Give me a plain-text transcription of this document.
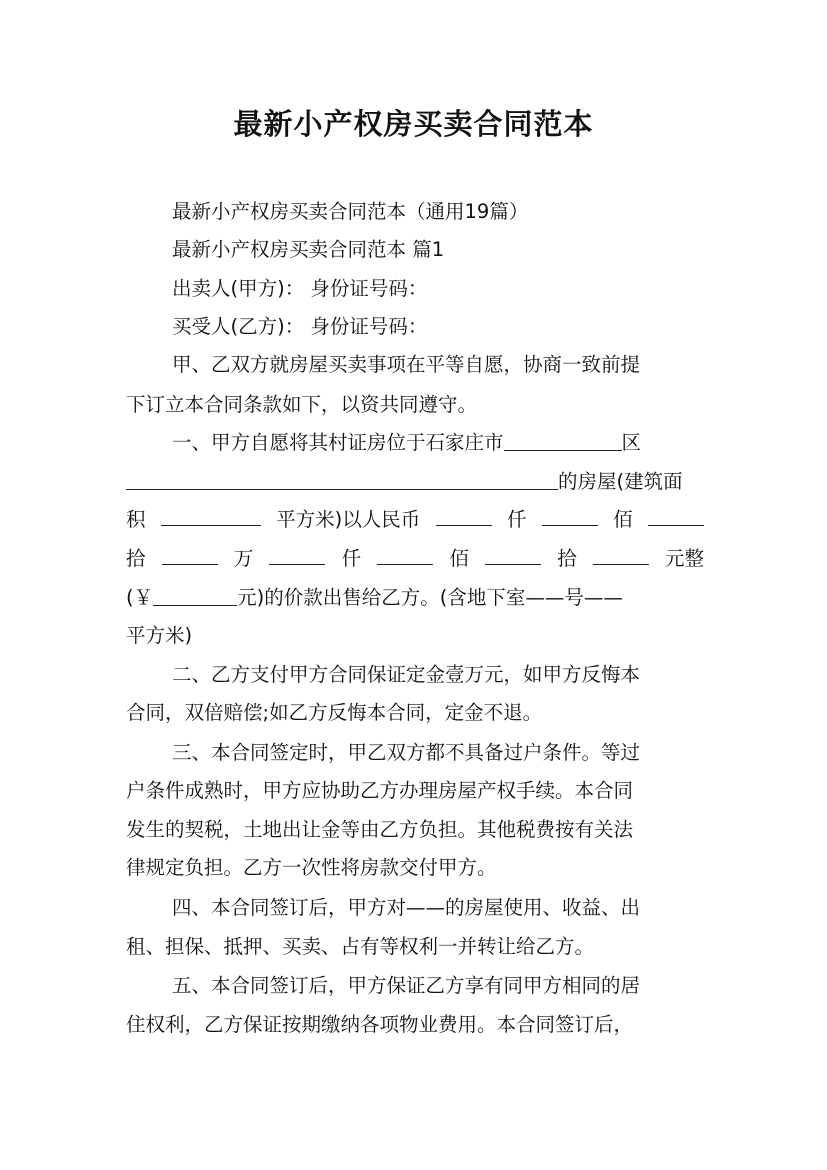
最新小产权房买卖合同范本
最新小产权房买卖合同范本（通用19篇）
最新小产权房买卖合同范本 篇1
出卖人(甲方)： 身份证号码：
买受人(乙方)： 身份证号码：
甲、乙双方就房屋买卖事项在平等自愿，协商一致前提
下订立本合同条款如下，以资共同遵守。
一、甲方自愿将其村证房位于石家庄市	区
的房屋(建筑面
积	平方米)以人民币	仟	佰
拾	万	仟	佰	拾	元整
(￥	元)的价款出售给乙方。(含地下室——号——
平方米)
二、乙方支付甲方合同保证定金壹万元，如甲方反悔本
合同，双倍赔偿;如乙方反悔本合同，定金不退。
三、本合同签定时，甲乙双方都不具备过户条件。等过
户条件成熟时，甲方应协助乙方办理房屋产权手续。本合同
发生的契税，土地出让金等由乙方负担。其他税费按有关法
律规定负担。乙方一次性将房款交付甲方。
四、本合同签订后，甲方对——的房屋使用、收益、出
租、担保、抵押、买卖、占有等权利一并转让给乙方。
五、本合同签订后，甲方保证乙方享有同甲方相同的居
住权利，乙方保证按期缴纳各项物业费用。本合同签订后，
